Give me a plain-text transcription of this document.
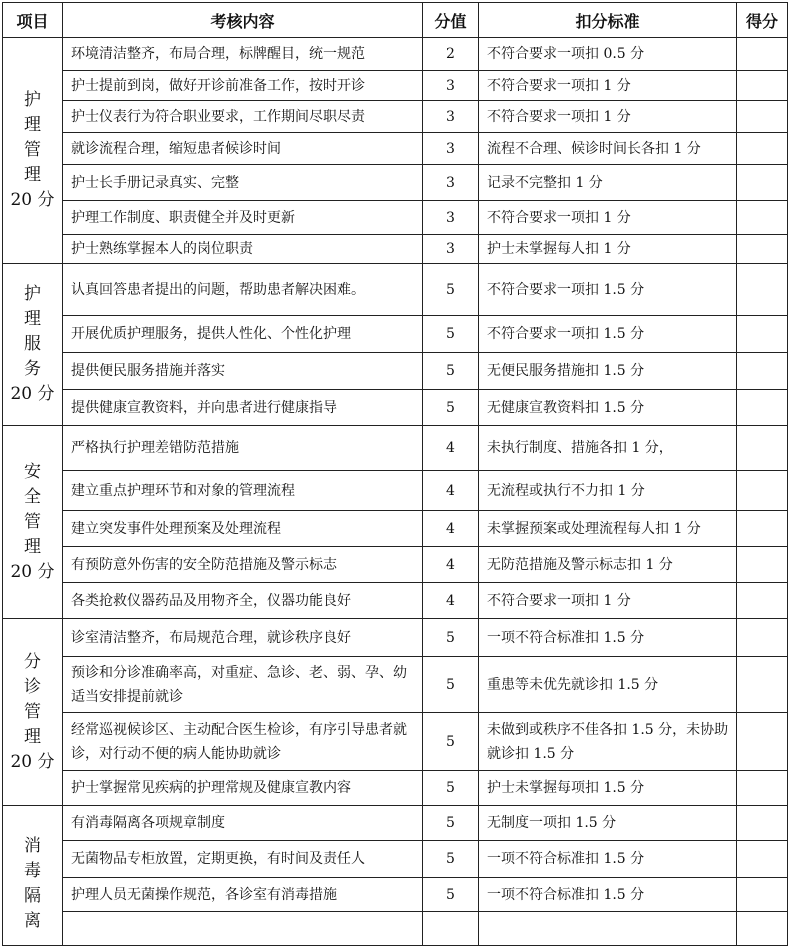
项目	考核内容	分值	扣分标准	得分

护
理
管
理
20 分	环境清洁整齐，布局合理，标牌醒目，统一规范	2	不符合要求一项扣 0.5 分	
	护士提前到岗，做好开诊前准备工作，按时开诊	3	不符合要求一项扣 1 分	
	护士仪表行为符合职业要求，工作期间尽职尽责	3	不符合要求一项扣 1 分	
	就诊流程合理，缩短患者候诊时间	3	流程不合理、候诊时间长各扣 1 分	
	护士长手册记录真实、完整	3	记录不完整扣 1 分	
	护理工作制度、职责健全并及时更新	3	不符合要求一项扣 1 分	
	护士熟练掌握本人的岗位职责	3	护士未掌握每人扣 1 分	

护
理
服
务
20 分	认真回答患者提出的问题，帮助患者解决困难。	5	不符合要求一项扣 1.5 分	
	开展优质护理服务，提供人性化、个性化护理	5	不符合要求一项扣 1.5 分	
	提供便民服务措施并落实	5	无便民服务措施扣 1.5 分	
	提供健康宣教资料，并向患者进行健康指导	5	无健康宣教资料扣 1.5 分	

安
全
管
理
20 分	严格执行护理差错防范措施	4	未执行制度、措施各扣 1 分，	
	建立重点护理环节和对象的管理流程	4	无流程或执行不力扣 1 分	
	建立突发事件处理预案及处理流程	4	未掌握预案或处理流程每人扣 1 分	
	有预防意外伤害的安全防范措施及警示标志	4	无防范措施及警示标志扣 1 分	
	各类抢救仪器药品及用物齐全，仪器功能良好	4	不符合要求一项扣 1 分	

分
诊
管
理
20 分	诊室清洁整齐，布局规范合理，就诊秩序良好	5	一项不符合标准扣 1.5 分	
	预诊和分诊准确率高，对重症、急诊、老、弱、孕、幼适当安排提前就诊	5	重患等未优先就诊扣 1.5 分	
	经常巡视候诊区、主动配合医生检诊，有序引导患者就诊，对行动不便的病人能协助就诊	5	未做到或秩序不佳各扣 1.5 分，未协助就诊扣 1.5 分	
	护士掌握常见疾病的护理常规及健康宣教内容	5	护士未掌握每项扣 1.5 分	

消
毒
隔
离	有消毒隔离各项规章制度	5	无制度一项扣 1.5 分	
	无菌物品专柜放置，定期更换，有时间及责任人	5	一项不符合标准扣 1.5 分	
	护理人员无菌操作规范，各诊室有消毒措施	5	一项不符合标准扣 1.5 分	
